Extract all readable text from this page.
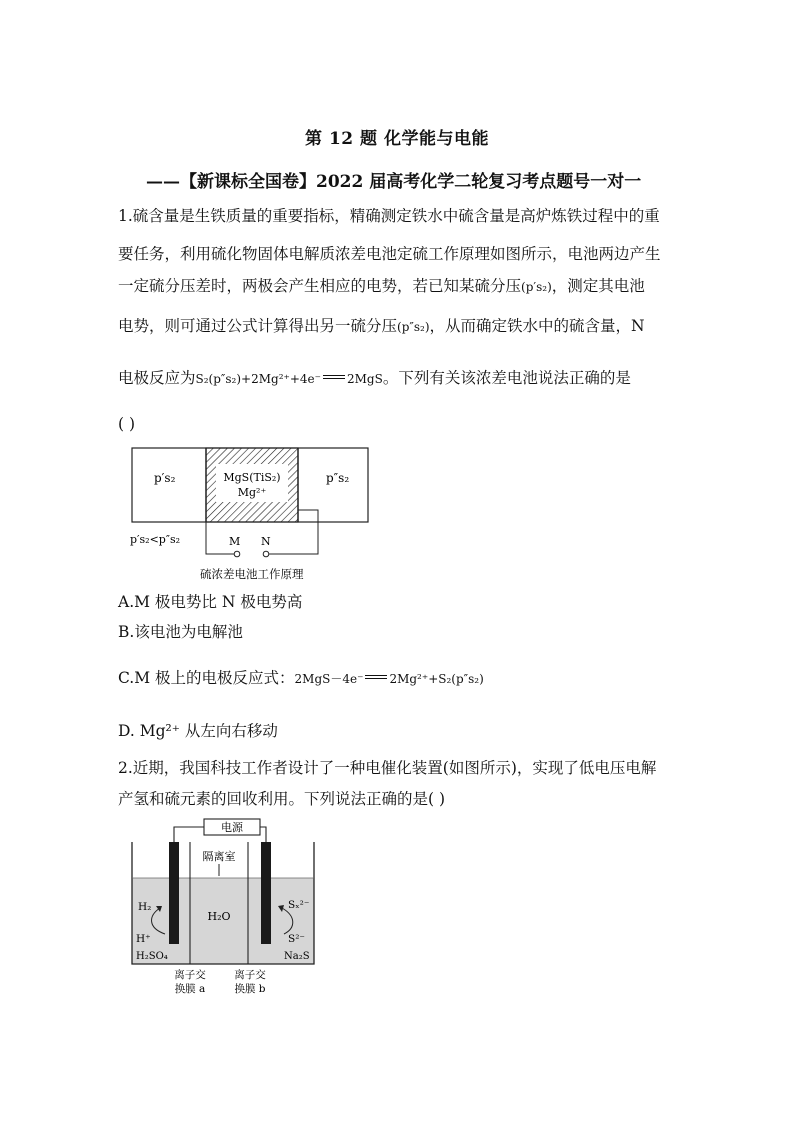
第 12 题 化学能与电能
——【新课标全国卷】2022 届高考化学二轮复习考点题号一对一
1.硫含量是生铁质量的重要指标，精确测定铁水中硫含量是高炉炼铁过程中的重
要任务，利用硫化物固体电解质浓差电池定硫工作原理如图所示，电池两边产生
一定硫分压差时，两极会产生相应的电势，若已知某硫分压(p′s₂)，测定其电池
电势，则可通过公式计算得出另一硫分压(p″s₂)，从而确定铁水中的硫含量，N
电极反应为S₂(p″s₂)+2Mg²⁺+4e⁻ 2MgS。下列有关该浓差电池说法正确的是
( )
p′s₂	MgS(TiS₂)
Mg²⁺
p″s₂
p′s₂<p″s₂	M N
硫浓差电池工作原理
A.M 极电势比 N 极电势高
B.该电池为电解池
C.M 极上的电极反应式：2MgS－4e⁻ 2Mg²⁺+S₂(p″s₂)
D. Mg²⁺ 从左向右移动
2.近期，我国科技工作者设计了一种电催化装置(如图所示)，实现了低电压电解
产氢和硫元素的回收利用。下列说法正确的是( )
电源
隔离室
H₂O
H₂
H⁺
H₂SO₄
Sₓ²⁻
S²⁻
Na₂S
离子交
换膜 a
离子交
换膜 b
